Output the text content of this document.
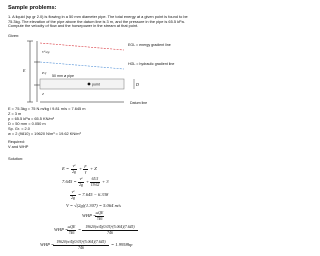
Sample problems:
1. A liquid (sp gr 2.0) is flowing in a 50 mm diameter pipe. The total energy at a given point is found to be 75.3kg. The elevation of the pipe above the datum line is 3 m, and the pressure in the pipe is 65.5 kPa. Compute the velocity of flow and the horsepower in the stream at that point.
Given:
D
EGL = energy gradient line
HGL = hydraulic gradient line
50 mm ø pipe
point
Datum line
E
V²/2g
P/γ
Z
E = 75.3kg = 75 N.m/kg / 9.81 m/s = 7.645 m
Z = 3 m
p = 65.5 kPa = 65.5 KN/m²
D = 50 mm = 0.050 m
Sp. Gr. = 2.0
w = 2 (9810) = 19620 N/m³ = 19.62 KN/m³
Required:
V and WHP
Solution:
E = v²
2g
+ p
γ
+ Z
7.645 = v²
2g
+ 65.5
19.62
+ 3
v²
2g
= 7.645 − 6.338
V = √(2g)(1.307) = 5.064 m/s
WHP = ωQE
746
WHP = ωQE
746
=	19620(π/4)(0.05)²(5.064)(7.645)
746
WHP = 19620(π/4)(0.05)²(5.064)(7.645)
746
= 1.9958hp
